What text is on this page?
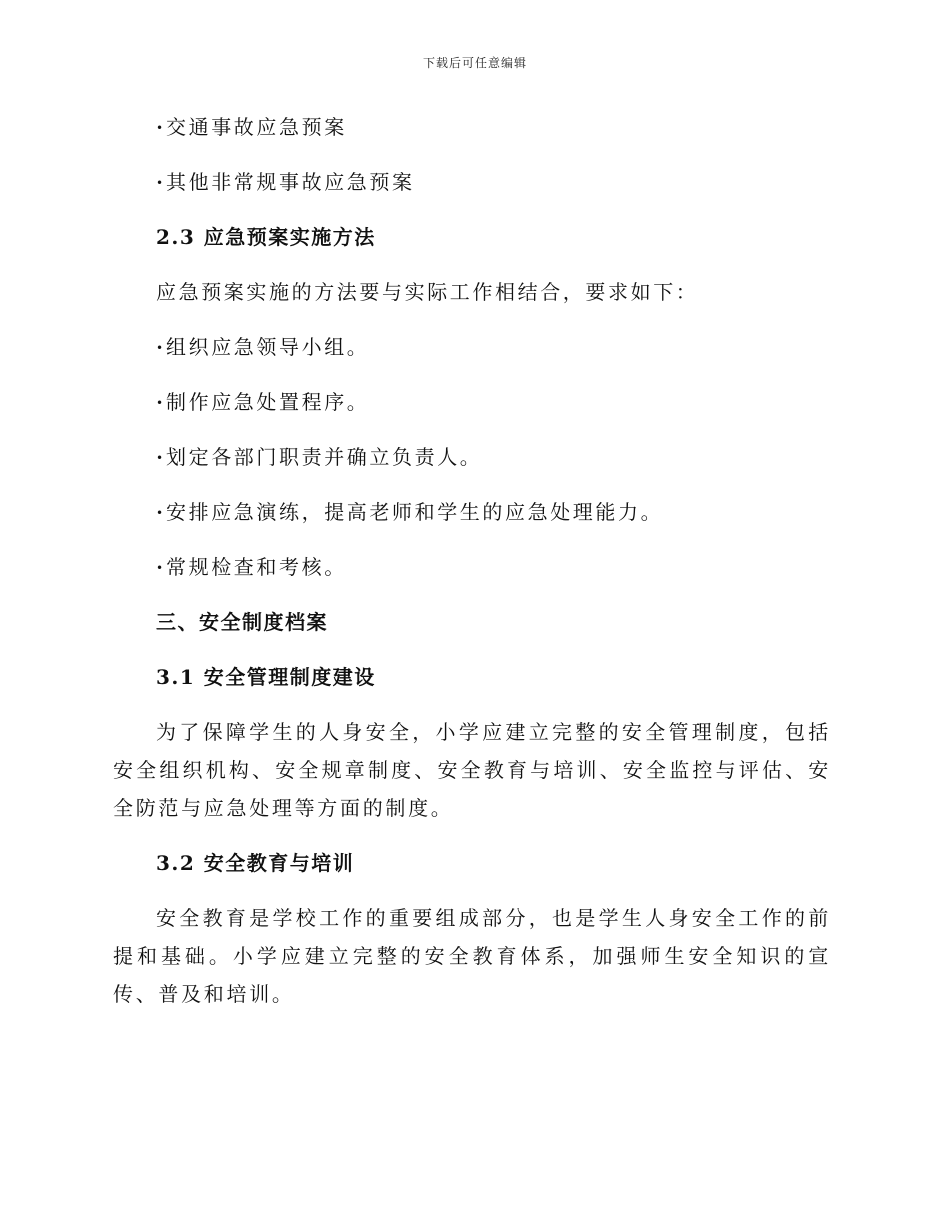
下载后可任意编辑

•交通事故应急预案

•其他非常规事故应急预案

2.3 应急预案实施方法

应急预案实施的方法要与实际工作相结合，要求如下：

•组织应急领导小组。

•制作应急处置程序。

•划定各部门职责并确立负责人。

•安排应急演练，提高老师和学生的应急处理能力。

•常规检查和考核。

三、安全制度档案

3.1 安全管理制度建设

为了保障学生的人身安全，小学应建立完整的安全管理制度，包括安全组织机构、安全规章制度、安全教育与培训、安全监控与评估、安全防范与应急处理等方面的制度。

3.2 安全教育与培训

安全教育是学校工作的重要组成部分，也是学生人身安全工作的前提和基础。小学应建立完整的安全教育体系，加强师生安全知识的宣传、普及和培训。
